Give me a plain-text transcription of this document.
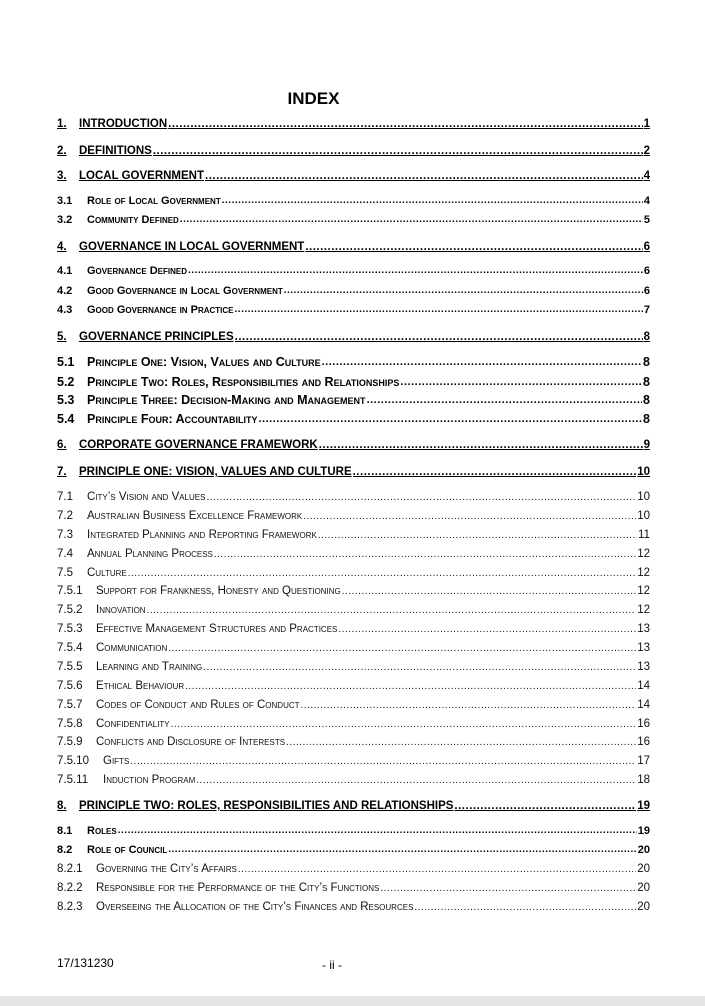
INDEX
1.	INTRODUCTION .....	1
2.	DEFINITIONS .....	2
3.	LOCAL GOVERNMENT .....	4
3.1	Role of Local Government .....	4
3.2	Community Defined .....	5
4.	GOVERNANCE IN LOCAL GOVERNMENT .....	6
4.1	Governance Defined .....	6
4.2	Good Governance in Local Government .....	6
4.3	Good Governance in Practice .....	7
5.	GOVERNANCE PRINCIPLES .....	8
5.1	Principle One: Vision, Values and Culture .....	8
5.2	Principle Two: Roles, Responsibilities and Relationships .....	8
5.3	Principle Three: Decision-Making and Management .....	8
5.4	Principle Four: Accountability .....	8
6.	CORPORATE GOVERNANCE FRAMEWORK .....	9
7.	PRINCIPLE ONE: VISION, VALUES AND CULTURE .....	10
7.1	City’s Vision and Values .....	10
7.2	Australian Business Excellence Framework .....	10
7.3	Integrated Planning and Reporting Framework .....	11
7.4	Annual Planning Process .....	12
7.5	Culture .....	12
7.5.1	Support for Frankness, Honesty and Questioning .....	12
7.5.2	Innovation .....	12
7.5.3	Effective Management Structures and Practices .....	13
7.5.4	Communication .....	13
7.5.5	Learning and Training .....	13
7.5.6	Ethical Behaviour .....	14
7.5.7	Codes of Conduct and Rules of Conduct .....	14
7.5.8	Confidentiality .....	16
7.5.9	Conflicts and Disclosure of Interests .....	16
7.5.10	Gifts .....	17
7.5.11	Induction Program .....	18
8.	PRINCIPLE TWO: ROLES, RESPONSIBILITIES AND RELATIONSHIPS .....	19
8.1	Roles .....	19
8.2	Role of Council .....	20
8.2.1	Governing the City’s Affairs .....	20
8.2.2	Responsible for the Performance of the City’s Functions .....	20
8.2.3	Overseeing the Allocation of the City’s Finances and Resources .....	20
17/131230	- ii -
